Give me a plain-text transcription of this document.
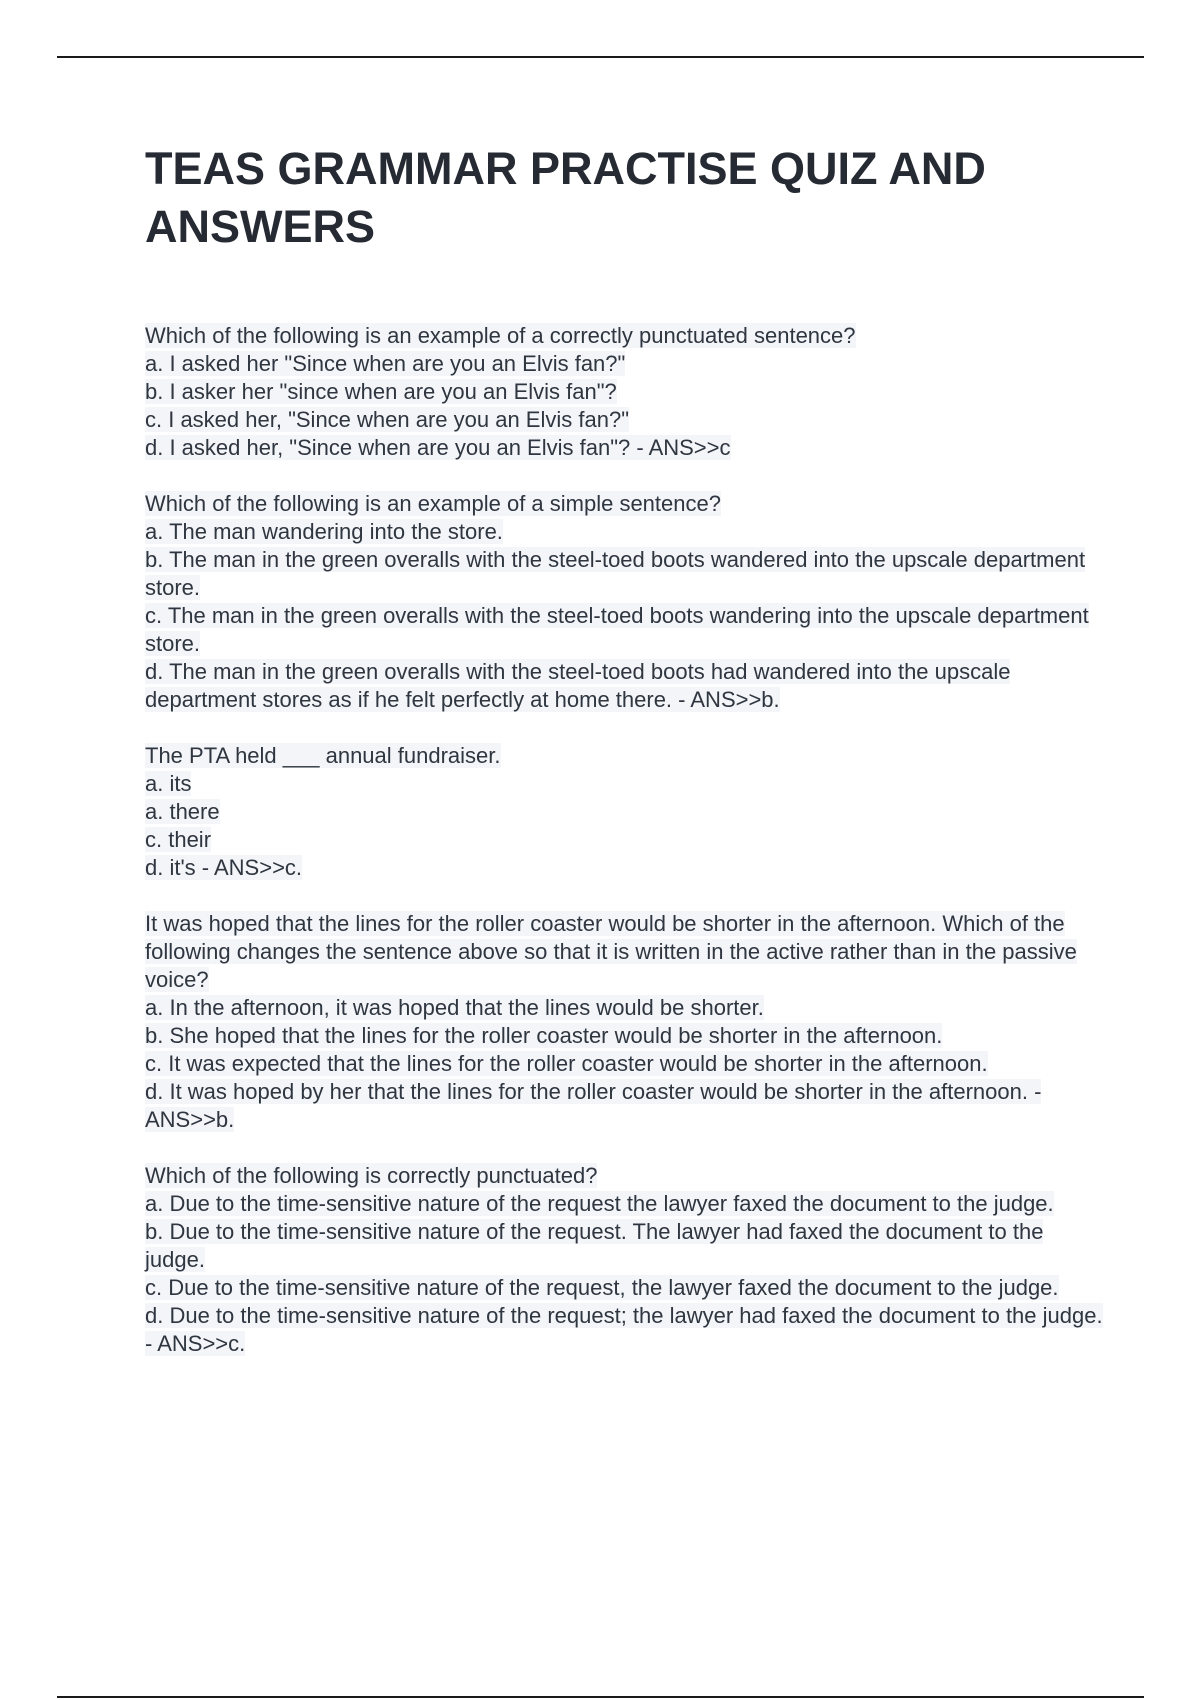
TEAS GRAMMAR PRACTISE QUIZ AND ANSWERS
Which of the following is an example of a correctly punctuated sentence?
a. I asked her "Since when are you an Elvis fan?"
b. I asker her "since when are you an Elvis fan"?
c. I asked her, "Since when are you an Elvis fan?"
d. I asked her, "Since when are you an Elvis fan"? - ANS>>c
Which of the following is an example of a simple sentence?
a. The man wandering into the store.
b. The man in the green overalls with the steel-toed boots wandered into the upscale department store.
c. The man in the green overalls with the steel-toed boots wandering into the upscale department store.
d. The man in the green overalls with the steel-toed boots had wandered into the upscale department stores as if he felt perfectly at home there. - ANS>>b.
The PTA held ___ annual fundraiser.
a. its
a. there
c. their
d. it's - ANS>>c.
It was hoped that the lines for the roller coaster would be shorter in the afternoon. Which of the following changes the sentence above so that it is written in the active rather than in the passive voice?
a. In the afternoon, it was hoped that the lines would be shorter.
b. She hoped that the lines for the roller coaster would be shorter in the afternoon.
c. It was expected that the lines for the roller coaster would be shorter in the afternoon.
d. It was hoped by her that the lines for the roller coaster would be shorter in the afternoon. - ANS>>b.
Which of the following is correctly punctuated?
a. Due to the time-sensitive nature of the request the lawyer faxed the document to the judge.
b. Due to the time-sensitive nature of the request. The lawyer had faxed the document to the judge.
c. Due to the time-sensitive nature of the request, the lawyer faxed the document to the judge.
d. Due to the time-sensitive nature of the request; the lawyer had faxed the document to the judge. - ANS>>c.
